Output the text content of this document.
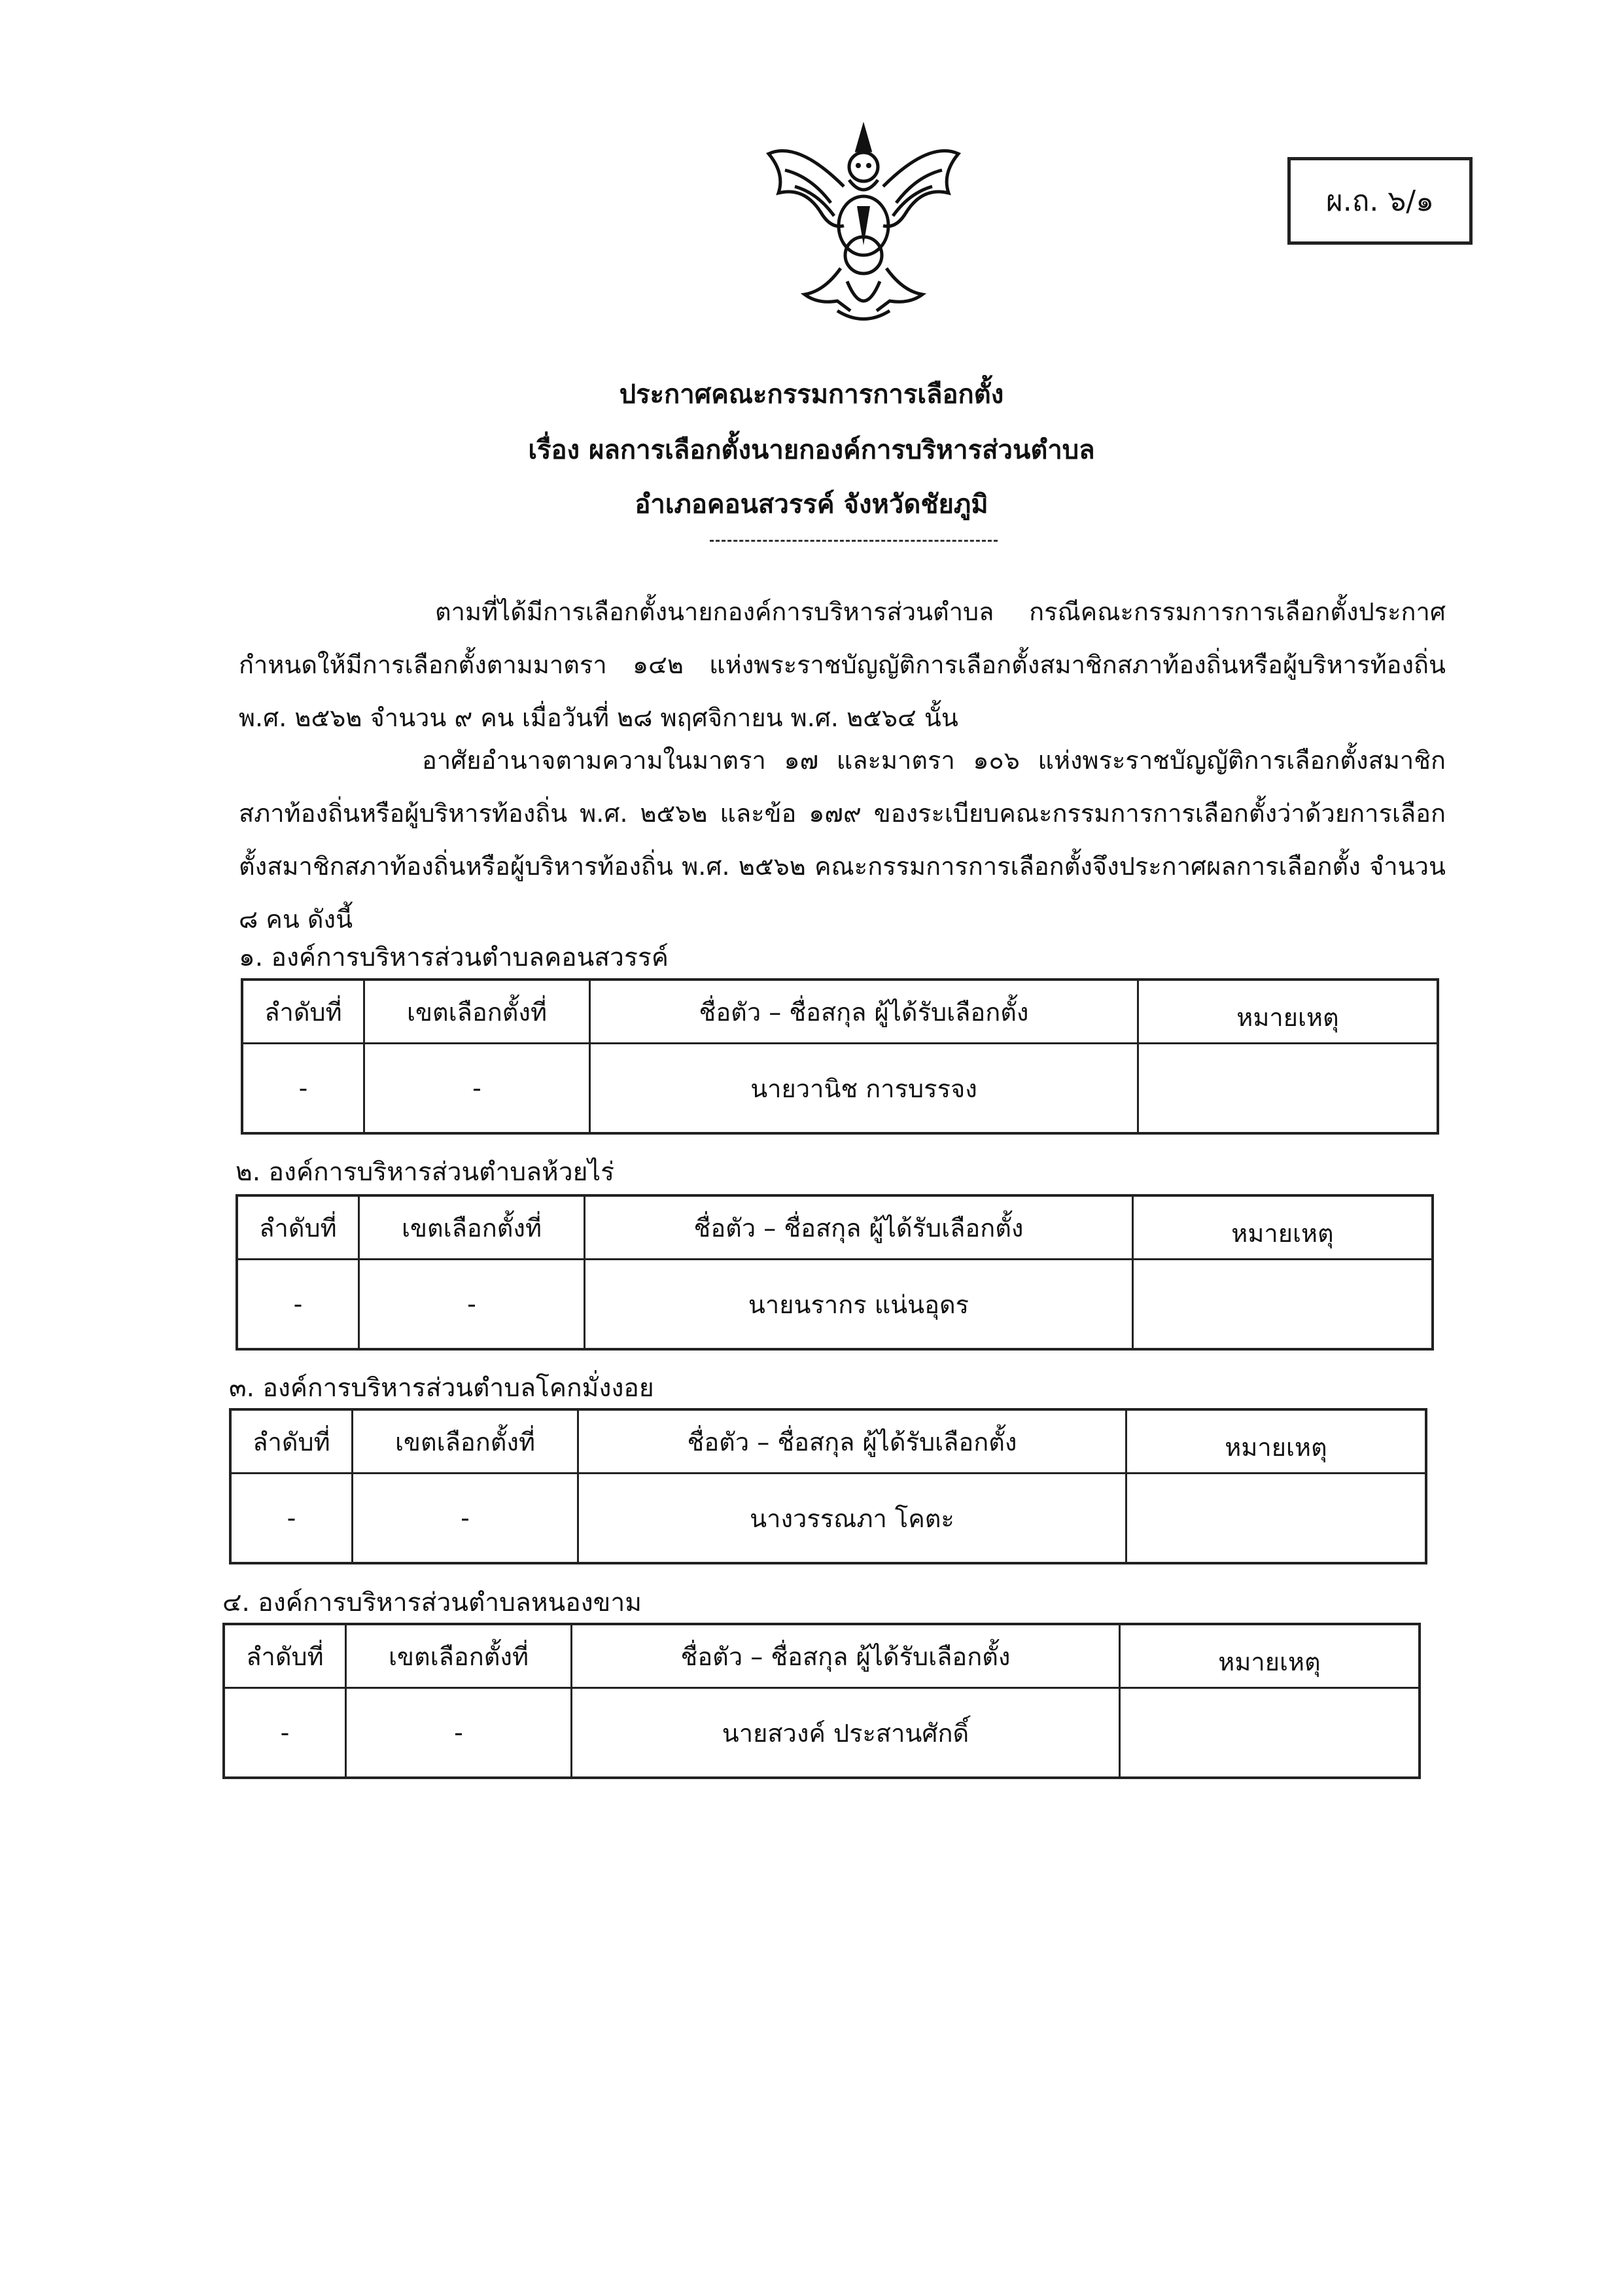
ผ.ถ. ๖/๑
ประกาศคณะกรรมการการเลือกตั้ง
เรื่อง ผลการเลือกตั้งนายกองค์การบริหารส่วนตำบล
อำเภอคอนสวรรค์ จังหวัดชัยภูมิ

ตามที่ได้มีการเลือกตั้งนายกองค์การบริหารส่วนตำบล กรณีคณะกรรมการการเลือกตั้งประกาศกำหนดให้มีการเลือกตั้งตามมาตรา ๑๔๒ แห่งพระราชบัญญัติการเลือกตั้งสมาชิกสภาท้องถิ่นหรือผู้บริหารท้องถิ่น พ.ศ. ๒๕๖๒ จำนวน ๙ คน เมื่อวันที่ ๒๘ พฤศจิกายน พ.ศ. ๒๕๖๔ นั้น

อาศัยอำนาจตามความในมาตรา ๑๗ และมาตรา ๑๐๖ แห่งพระราชบัญญัติการเลือกตั้งสมาชิกสภาท้องถิ่นหรือผู้บริหารท้องถิ่น พ.ศ. ๒๕๖๒ และข้อ ๑๗๙ ของระเบียบคณะกรรมการการเลือกตั้งว่าด้วยการเลือกตั้งสมาชิกสภาท้องถิ่นหรือผู้บริหารท้องถิ่น พ.ศ. ๒๕๖๒ คณะกรรมการการเลือกตั้งจึงประกาศผลการเลือกตั้ง จำนวน ๘ คน ดังนี้

๑. องค์การบริหารส่วนตำบลคอนสวรรค์
ลำดับที่	เขตเลือกตั้งที่	ชื่อตัว – ชื่อสกุล ผู้ได้รับเลือกตั้ง	หมายเหตุ
-	-	นายวานิช การบรรจง	
๒. องค์การบริหารส่วนตำบลห้วยไร่
ลำดับที่	เขตเลือกตั้งที่	ชื่อตัว – ชื่อสกุล ผู้ได้รับเลือกตั้ง	หมายเหตุ
-	-	นายนรากร แน่นอุดร	
๓. องค์การบริหารส่วนตำบลโคกมั่งงอย
ลำดับที่	เขตเลือกตั้งที่	ชื่อตัว – ชื่อสกุล ผู้ได้รับเลือกตั้ง	หมายเหตุ
-	-	นางวรรณภา โคตะ	
๔. องค์การบริหารส่วนตำบลหนองขาม
ลำดับที่	เขตเลือกตั้งที่	ชื่อตัว – ชื่อสกุล ผู้ได้รับเลือกตั้ง	หมายเหตุ
-	-	นายสวงค์ ประสานศักดิ์	
